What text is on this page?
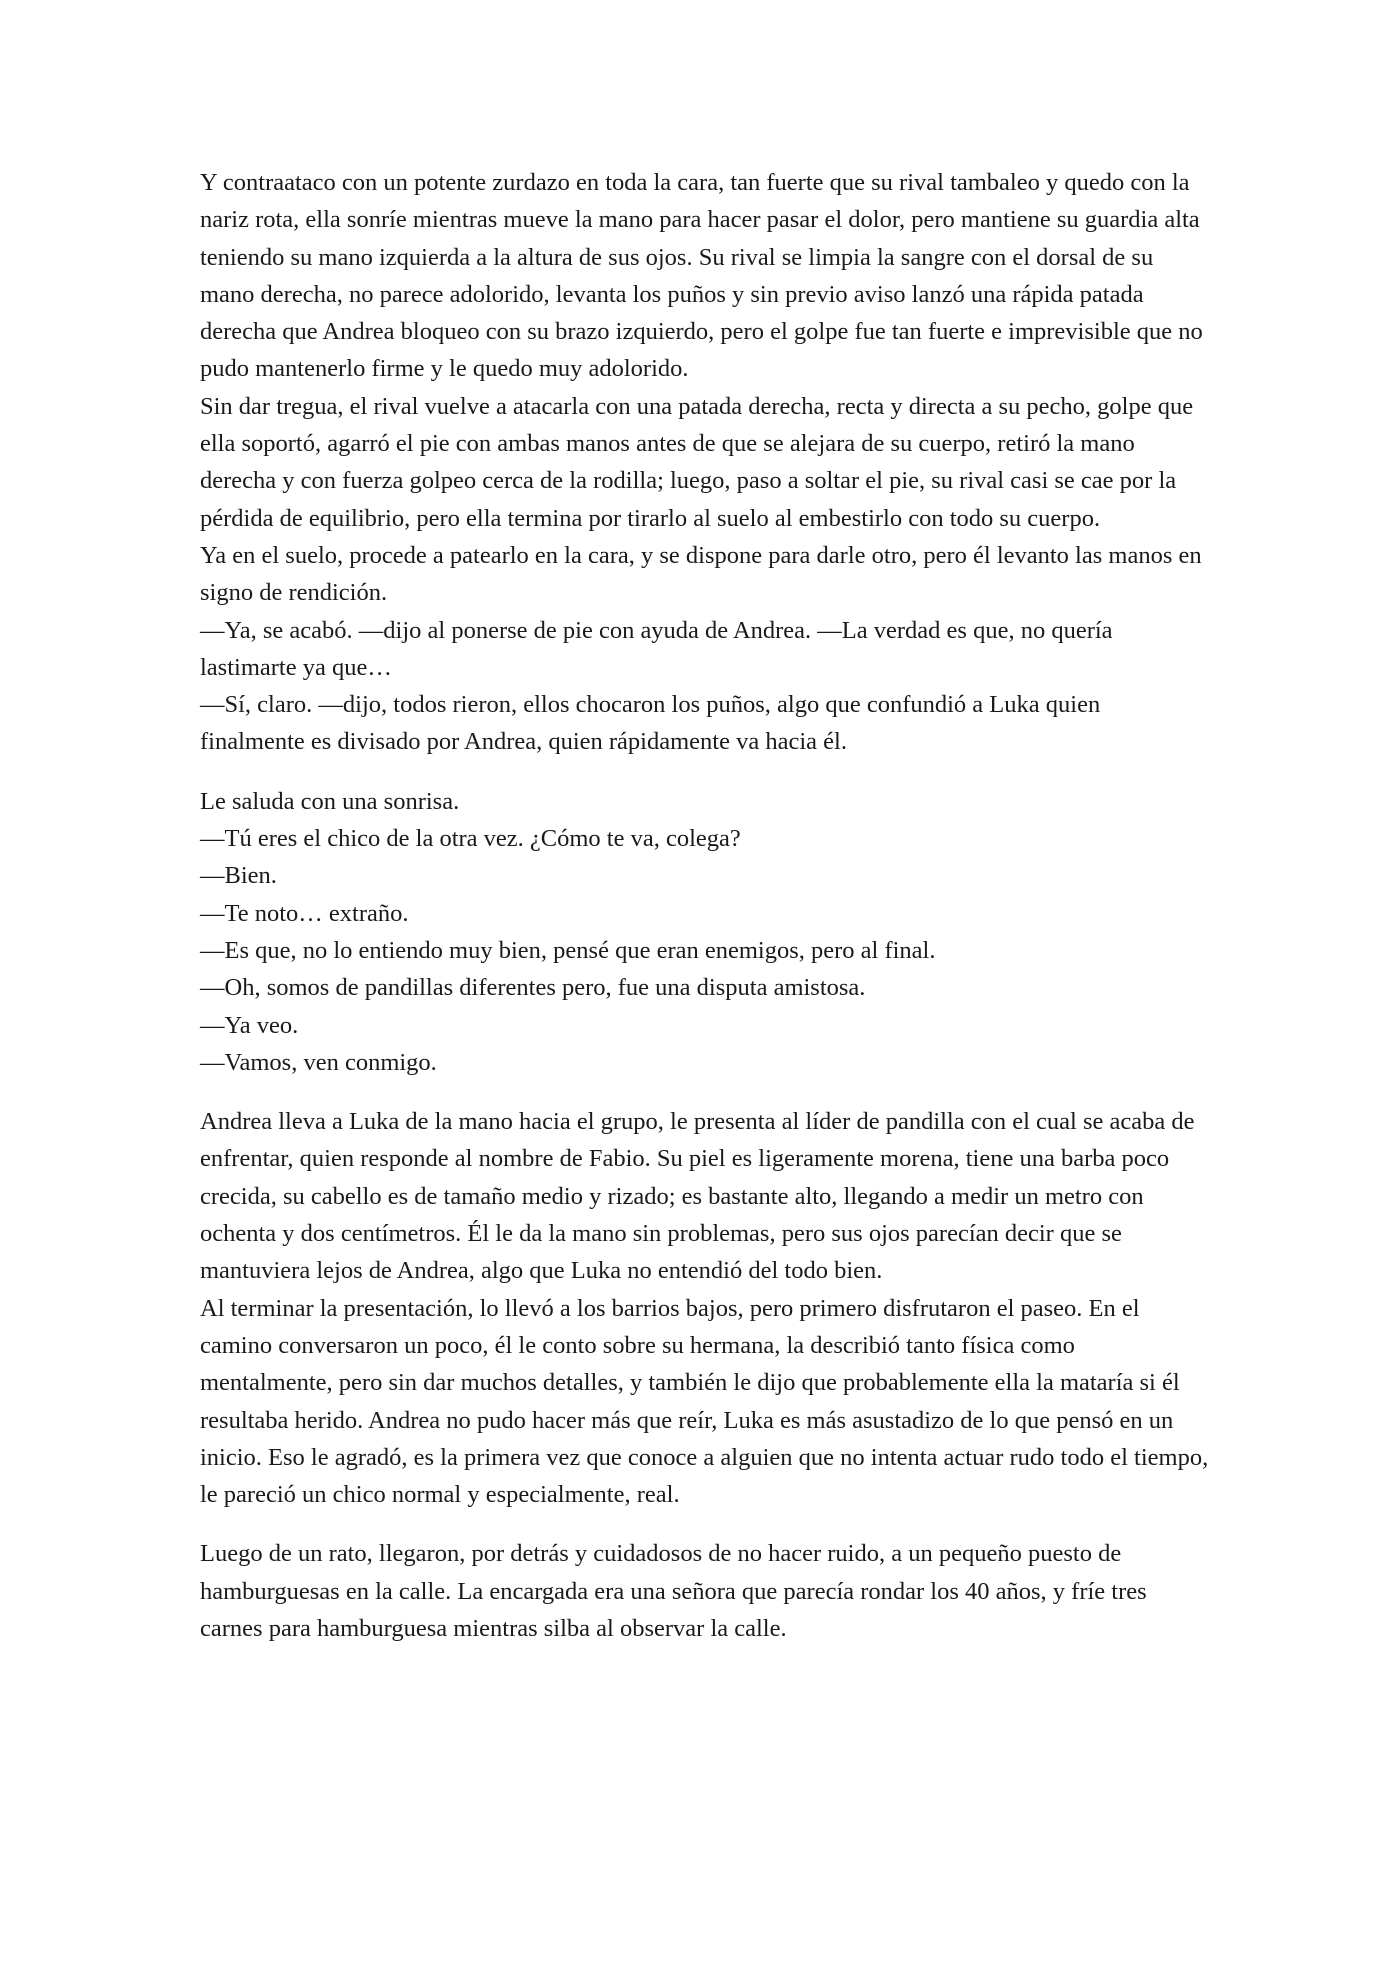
Y contraataco con un potente zurdazo en toda la cara, tan fuerte que su rival tambaleo y quedo con la nariz rota, ella sonríe mientras mueve la mano para hacer pasar el dolor, pero mantiene su guardia alta teniendo su mano izquierda a la altura de sus ojos. Su rival se limpia la sangre con el dorsal de su mano derecha, no parece adolorido, levanta los puños y sin previo aviso lanzó una rápida patada derecha que Andrea bloqueo con su brazo izquierdo, pero el golpe fue tan fuerte e imprevisible que no pudo mantenerlo firme y le quedo muy adolorido.

Sin dar tregua, el rival vuelve a atacarla con una patada derecha, recta y directa a su pecho, golpe que ella soportó, agarró el pie con ambas manos antes de que se alejara de su cuerpo, retiró la mano derecha y con fuerza golpeo cerca de la rodilla; luego, paso a soltar el pie, su rival casi se cae por la pérdida de equilibrio, pero ella termina por tirarlo al suelo al embestirlo con todo su cuerpo.

Ya en el suelo, procede a patearlo en la cara, y se dispone para darle otro, pero él levanto las manos en signo de rendición.

—Ya, se acabó. —dijo al ponerse de pie con ayuda de Andrea. —La verdad es que, no quería lastimarte ya que…

—Sí, claro. —dijo, todos rieron, ellos chocaron los puños, algo que confundió a Luka quien finalmente es divisado por Andrea, quien rápidamente va hacia él.

Le saluda con una sonrisa.

—Tú eres el chico de la otra vez. ¿Cómo te va, colega?

—Bien.

—Te noto… extraño.

—Es que, no lo entiendo muy bien, pensé que eran enemigos, pero al final.

—Oh, somos de pandillas diferentes pero, fue una disputa amistosa.

—Ya veo.

—Vamos, ven conmigo.

Andrea lleva a Luka de la mano hacia el grupo, le presenta al líder de pandilla con el cual se acaba de enfrentar, quien responde al nombre de Fabio. Su piel es ligeramente morena, tiene una barba poco crecida, su cabello es de tamaño medio y rizado; es bastante alto, llegando a medir un metro con ochenta y dos centímetros. Él le da la mano sin problemas, pero sus ojos parecían decir que se mantuviera lejos de Andrea, algo que Luka no entendió del todo bien.

Al terminar la presentación, lo llevó a los barrios bajos, pero primero disfrutaron el paseo. En el camino conversaron un poco, él le conto sobre su hermana, la describió tanto física como mentalmente, pero sin dar muchos detalles, y también le dijo que probablemente ella la mataría si él resultaba herido. Andrea no pudo hacer más que reír, Luka es más asustadizo de lo que pensó en un inicio. Eso le agradó, es la primera vez que conoce a alguien que no intenta actuar rudo todo el tiempo, le pareció un chico normal y especialmente, real.

Luego de un rato, llegaron, por detrás y cuidadosos de no hacer ruido, a un pequeño puesto de hamburguesas en la calle. La encargada era una señora que parecía rondar los 40 años, y fríe tres carnes para hamburguesa mientras silba al observar la calle.
